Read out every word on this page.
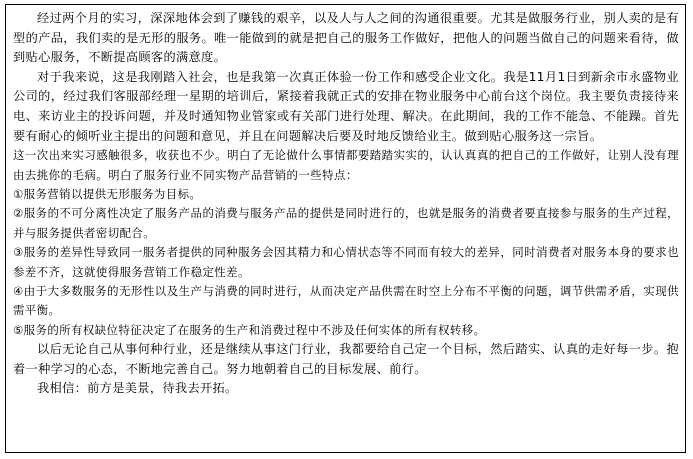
经过两个月的实习，深深地体会到了赚钱的艰辛，以及人与人之间的沟通很重要。尤其是做服务行业，别人卖的是有型的产品，我们卖的是无形的服务。唯一能做到的就是把自己的服务工作做好，把他人的问题当做自己的问题来看待，做到贴心服务，不断提高顾客的满意度。

对于我来说，这是我刚踏入社会，也是我第一次真正体验一份工作和感受企业文化。我是11月1日到新余市永盛物业公司的，经过我们客服部经理一星期的培训后，紧接着我就正式的安排在物业服务中心前台这个岗位。我主要负责接待来电、来访业主的投诉问题，并及时通知物业管家或有关部门进行处理、解决。在此期间，我的工作不能急、不能躁。首先要有耐心的倾听业主提出的问题和意见，并且在问题解决后要及时地反馈给业主。做到贴心服务这一宗旨。

这一次出来实习感触很多，收获也不少。明白了无论做什么事情都要踏踏实实的，认认真真的把自己的工作做好，让别人没有理由去挑你的毛病。明白了服务行业不同实物产品营销的一些特点：

①服务营销以提供无形服务为目标。

②服务的不可分离性决定了服务产品的消费与服务产品的提供是同时进行的，也就是服务的消费者要直接参与服务的生产过程，并与服务提供者密切配合。

③服务的差异性导致同一服务者提供的同种服务会因其精力和心情状态等不同而有较大的差异，同时消费者对服务本身的要求也参差不齐，这就使得服务营销工作稳定性差。

④由于大多数服务的无形性以及生产与消费的同时进行，从而决定产品供需在时空上分布不平衡的问题，调节供需矛盾，实现供需平衡。

⑤服务的所有权缺位特征决定了在服务的生产和消费过程中不涉及任何实体的所有权转移。

以后无论自己从事何种行业，还是继续从事这门行业，我都要给自己定一个目标，然后踏实、认真的走好每一步。抱着一种学习的心态，不断地完善自己。努力地朝着自己的目标发展、前行。

我相信：前方是美景，待我去开拓。
